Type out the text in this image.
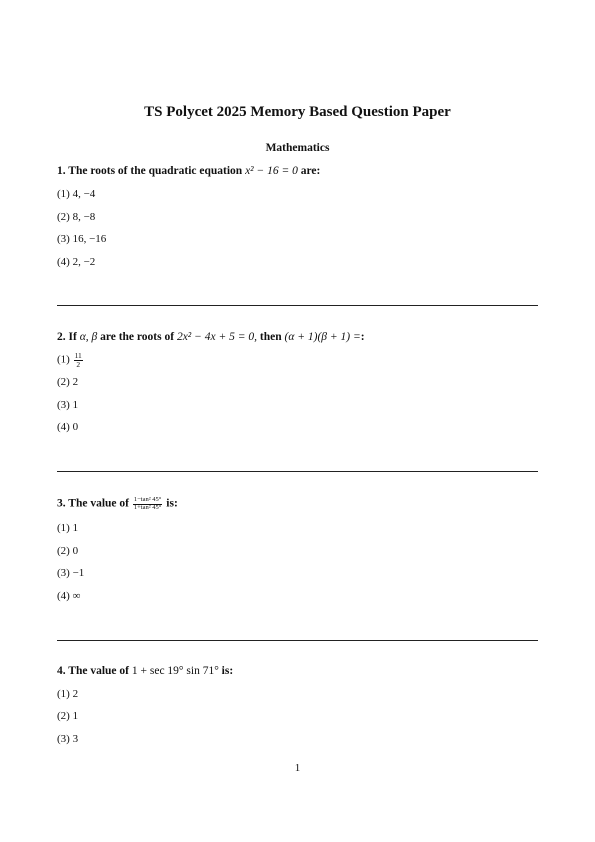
TS Polycet 2025 Memory Based Question Paper
Mathematics
1. The roots of the quadratic equation x² − 16 = 0 are:
(1) 4, −4
(2) 8, −8
(3) 16, −16
(4) 2, −2
2. If α, β are the roots of 2x² − 4x + 5 = 0, then (α + 1)(β + 1) =:
$(1) \frac{11}{2}$
(2) 2
(3) 1
(4) 0
3. The value of $\frac{\text{1−tan² 45°}}{\text{1+tan² 45°}}$ is:
(1) 1
(2) 0
(3) −1
(4) ∞
4. The value of 1 + sec 19° sin 71° is:
(1) 2
(2) 1
(3) 3
1
